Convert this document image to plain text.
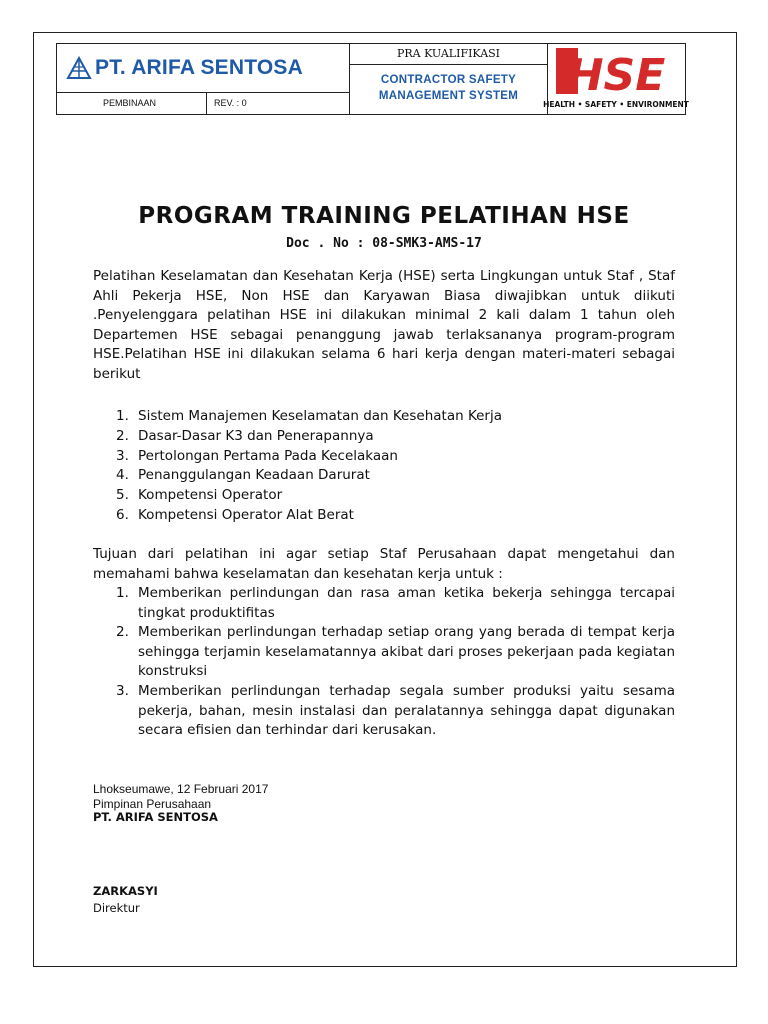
PT. ARIFA SENTOSA
PEMBINAAN	REV. : 0
PRA KUALIFIKASI
CONTRACTOR SAFETY
MANAGEMENT SYSTEM	HSE
HEALTH • SAFETY • ENVIRONMENT
PROGRAM TRAINING PELATIHAN HSE
Doc . No : 08-SMK3-AMS-17
Pelatihan Keselamatan dan Kesehatan Kerja (HSE) serta Lingkungan untuk Staf , Staf Ahli Pekerja HSE, Non HSE dan Karyawan Biasa diwajibkan untuk diikuti .Penyelenggara pelatihan HSE ini dilakukan minimal 2 kali dalam 1 tahun oleh Departemen HSE sebagai penanggung jawab terlaksananya program-program HSE.Pelatihan HSE ini dilakukan selama 6 hari kerja dengan materi-materi sebagai berikut
1. Sistem Manajemen Keselamatan dan Kesehatan Kerja
2. Dasar-Dasar K3 dan Penerapannya
3. Pertolongan Pertama Pada Kecelakaan
4. Penanggulangan Keadaan Darurat
5. Kompetensi Operator
6. Kompetensi Operator Alat Berat
Tujuan dari pelatihan ini agar setiap Staf Perusahaan dapat mengetahui dan memahami bahwa keselamatan dan kesehatan kerja untuk :
1. Memberikan perlindungan dan rasa aman ketika bekerja sehingga tercapai tingkat produktifitas
2. Memberikan perlindungan terhadap setiap orang yang berada di tempat kerja sehingga terjamin keselamatannya akibat dari proses pekerjaan pada kegiatan konstruksi
3. Memberikan perlindungan terhadap segala sumber produksi yaitu sesama pekerja, bahan, mesin instalasi dan peralatannya sehingga dapat digunakan secara efisien dan terhindar dari kerusakan.
Lhokseumawe, 12 Februari 2017
Pimpinan Perusahaan
PT. ARIFA SENTOSA
ZARKASYI
Direktur
